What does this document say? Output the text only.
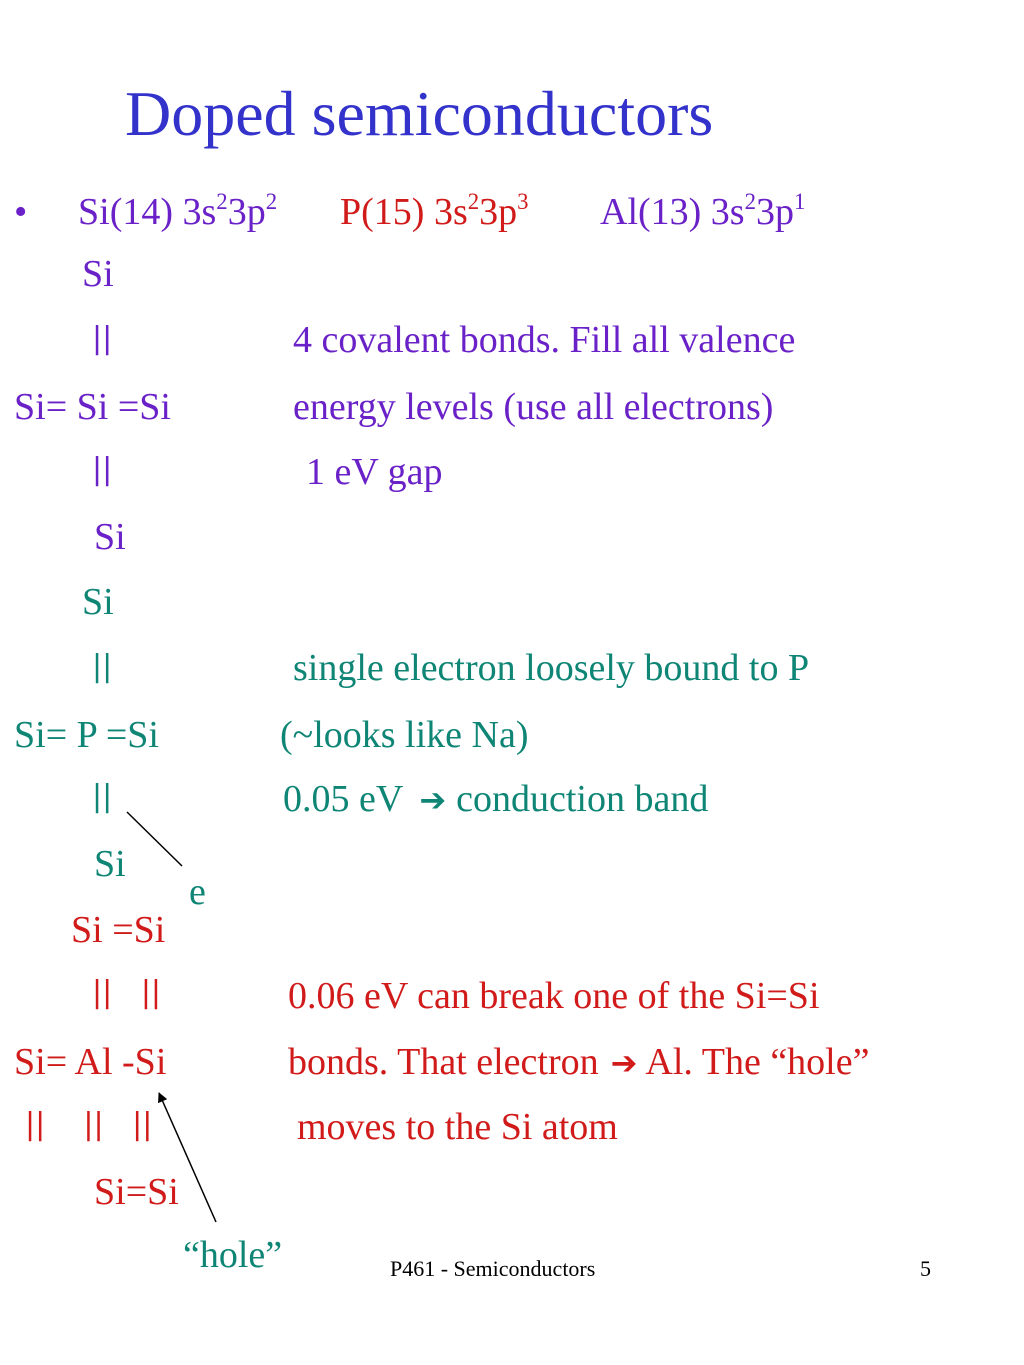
Doped semiconductors
• Si(14) $3s^23p^2$ P(15) $3s^23p^3$ Al(13) $3s^23p^1$
Si
||
Si= Si =Si
||
Si
4 covalent bonds. Fill all valence
energy levels (use all electrons)
1 eV gap
Si
||
Si= P =Si
||
Si
e
single electron loosely bound to P
(~looks like Na)
0.05 eV ➔ conduction band
Si =Si
||   ||
Si= Al -Si
||    ||   ||
Si=Si
“hole”
0.06 eV can break one of the Si=Si
bonds. That electron ➔ Al. The “hole”
moves to the Si atom
P461 - Semiconductors	5
